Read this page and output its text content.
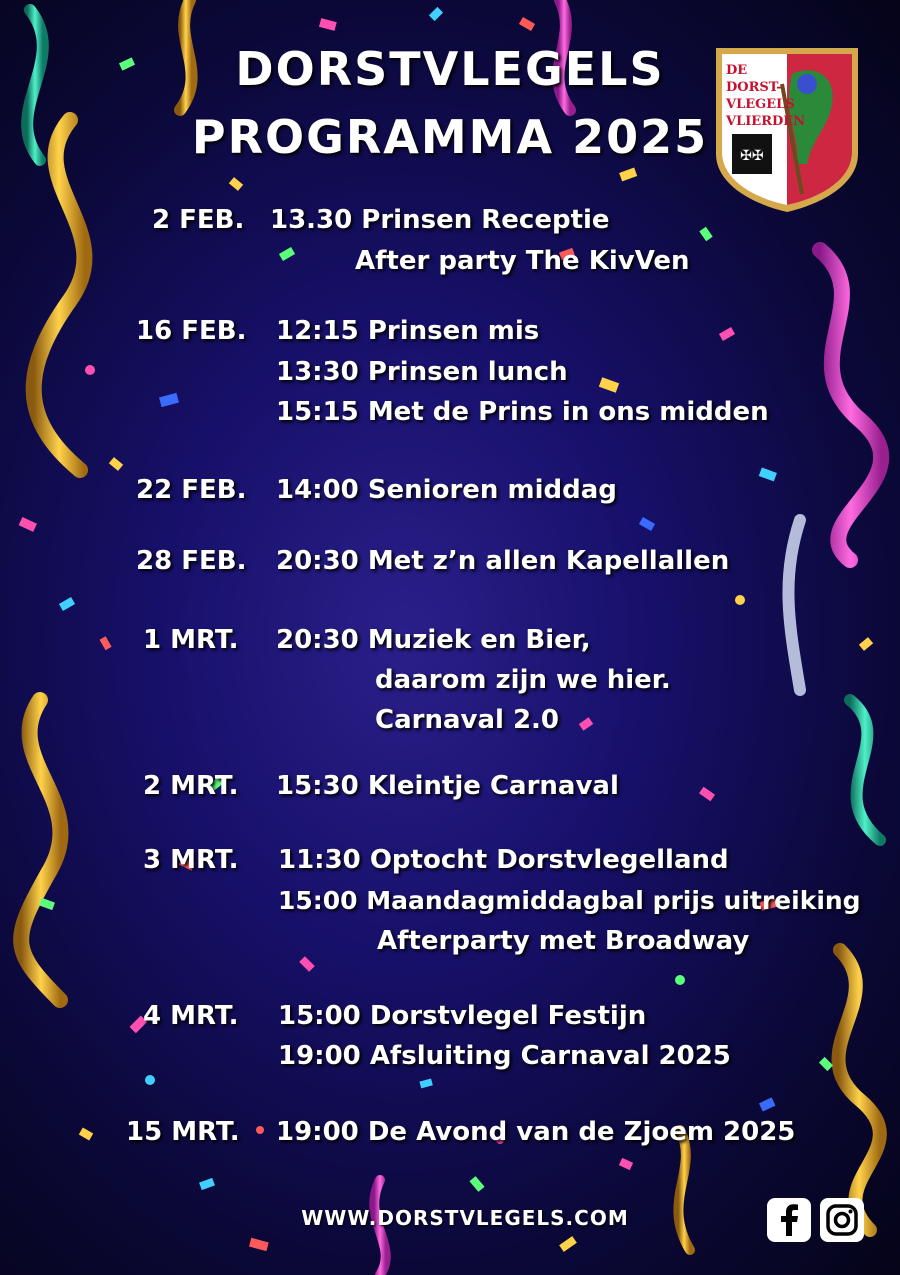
DORSTVLEGELS
PROGRAMMA 2025	✠✠
DE
DORST-
VLEGELS
VLIERDEN
2 FEB. 13.30 Prinsen Receptie
After party The KivVen
16 FEB. 12:15 Prinsen mis
13:30 Prinsen lunch
15:15 Met de Prins in ons midden
22 FEB. 14:00 Senioren middag
28 FEB. 20:30 Met z’n allen Kapellallen
1 MRT. 20:30 Muziek en Bier,
daarom zijn we hier.
Carnaval 2.0
2 MRT. 15:30 Kleintje Carnaval
3 MRT. 11:30 Optocht Dorstvlegelland
15:00 Maandagmiddagbal prijs uitreiking
Afterparty met Broadway
4 MRT. 15:00 Dorstvlegel Festijn
19:00 Afsluiting Carnaval 2025
15 MRT. 19:00 De Avond van de Zjoem 2025
WWW.DORSTVLEGELS.COM
